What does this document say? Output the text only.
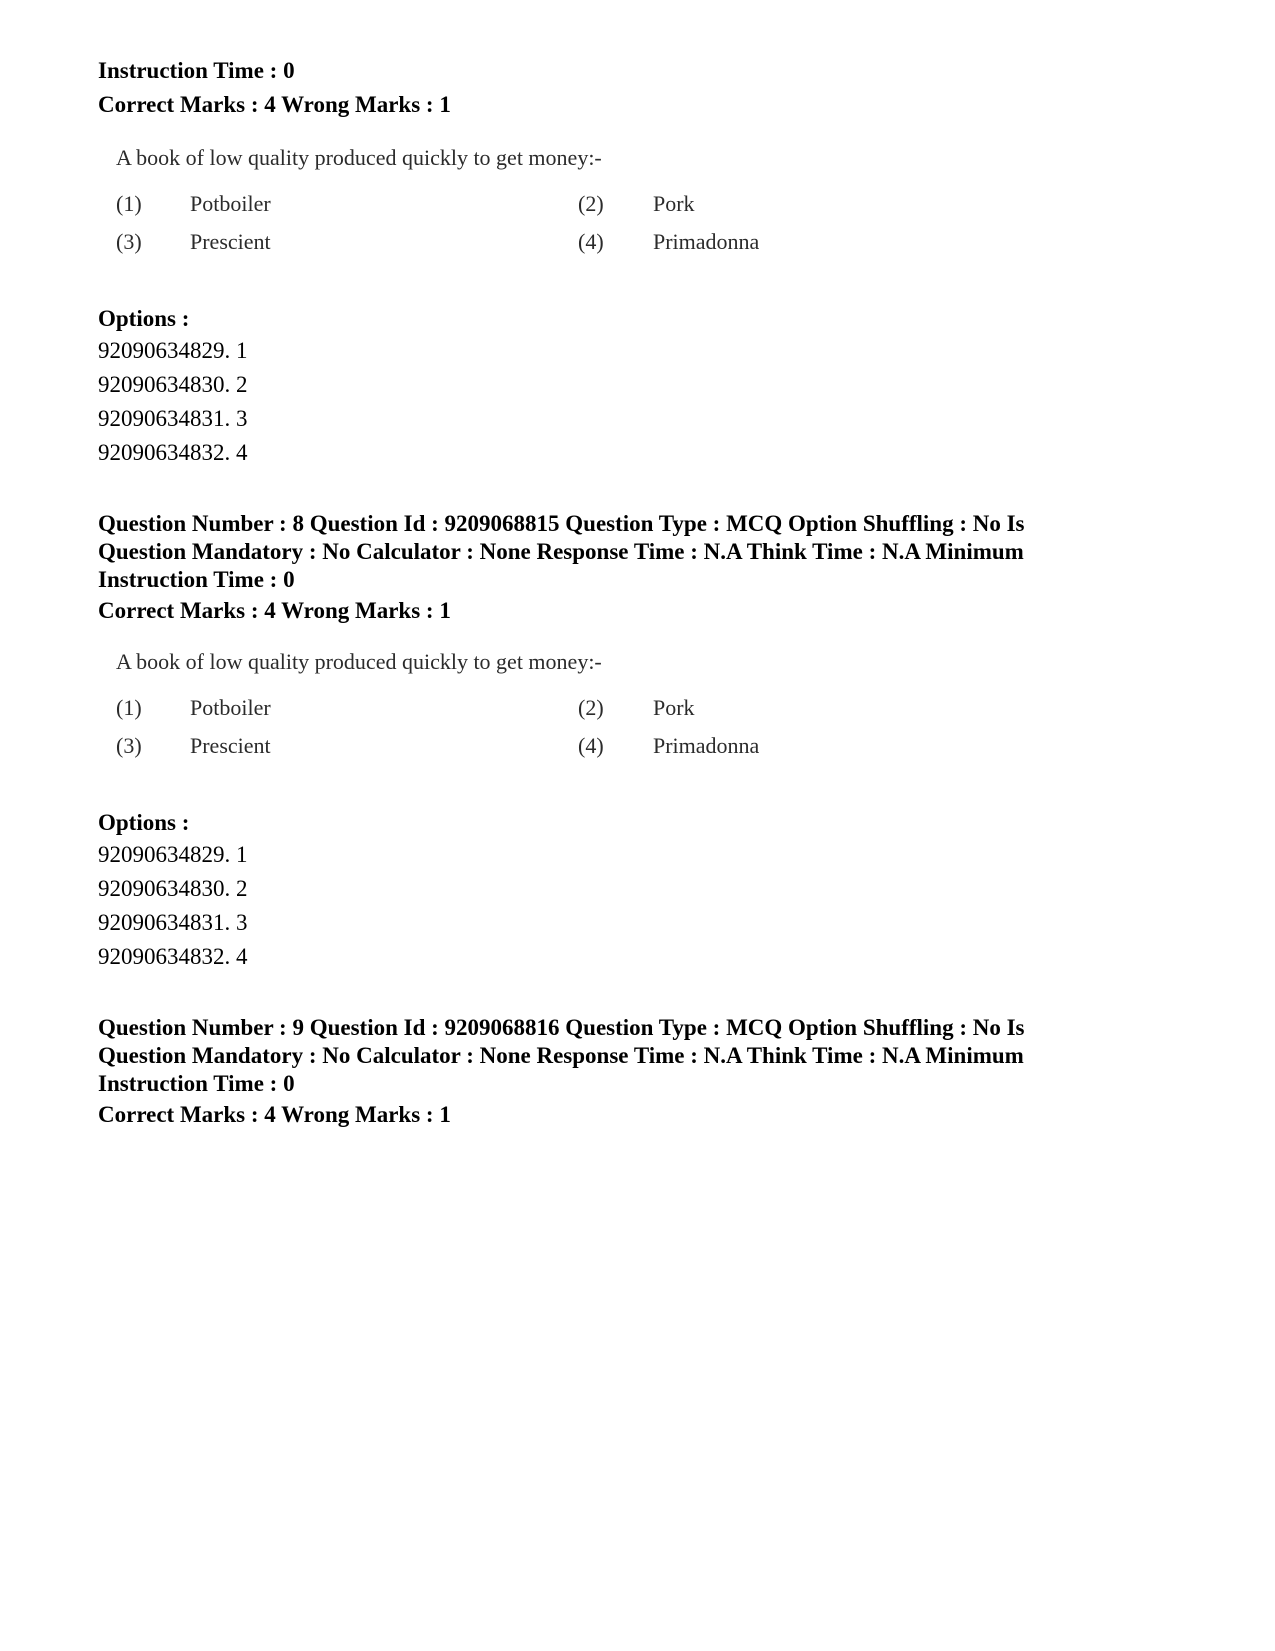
Instruction Time : 0
Correct Marks : 4 Wrong Marks : 1
A book of low quality produced quickly to get money:-
(1) Potboiler	(2) Pork
(3) Prescient	(4) Primadonna
Options :
92090634829. 1
92090634830. 2
92090634831. 3
92090634832. 4
Question Number : 8 Question Id : 9209068815 Question Type : MCQ Option Shuffling : No Is
Question Mandatory : No Calculator : None Response Time : N.A Think Time : N.A Minimum
Instruction Time : 0
Correct Marks : 4 Wrong Marks : 1
A book of low quality produced quickly to get money:-
(1) Potboiler	(2) Pork
(3) Prescient	(4) Primadonna
Options :
92090634829. 1
92090634830. 2
92090634831. 3
92090634832. 4
Question Number : 9 Question Id : 9209068816 Question Type : MCQ Option Shuffling : No Is
Question Mandatory : No Calculator : None Response Time : N.A Think Time : N.A Minimum
Instruction Time : 0
Correct Marks : 4 Wrong Marks : 1
